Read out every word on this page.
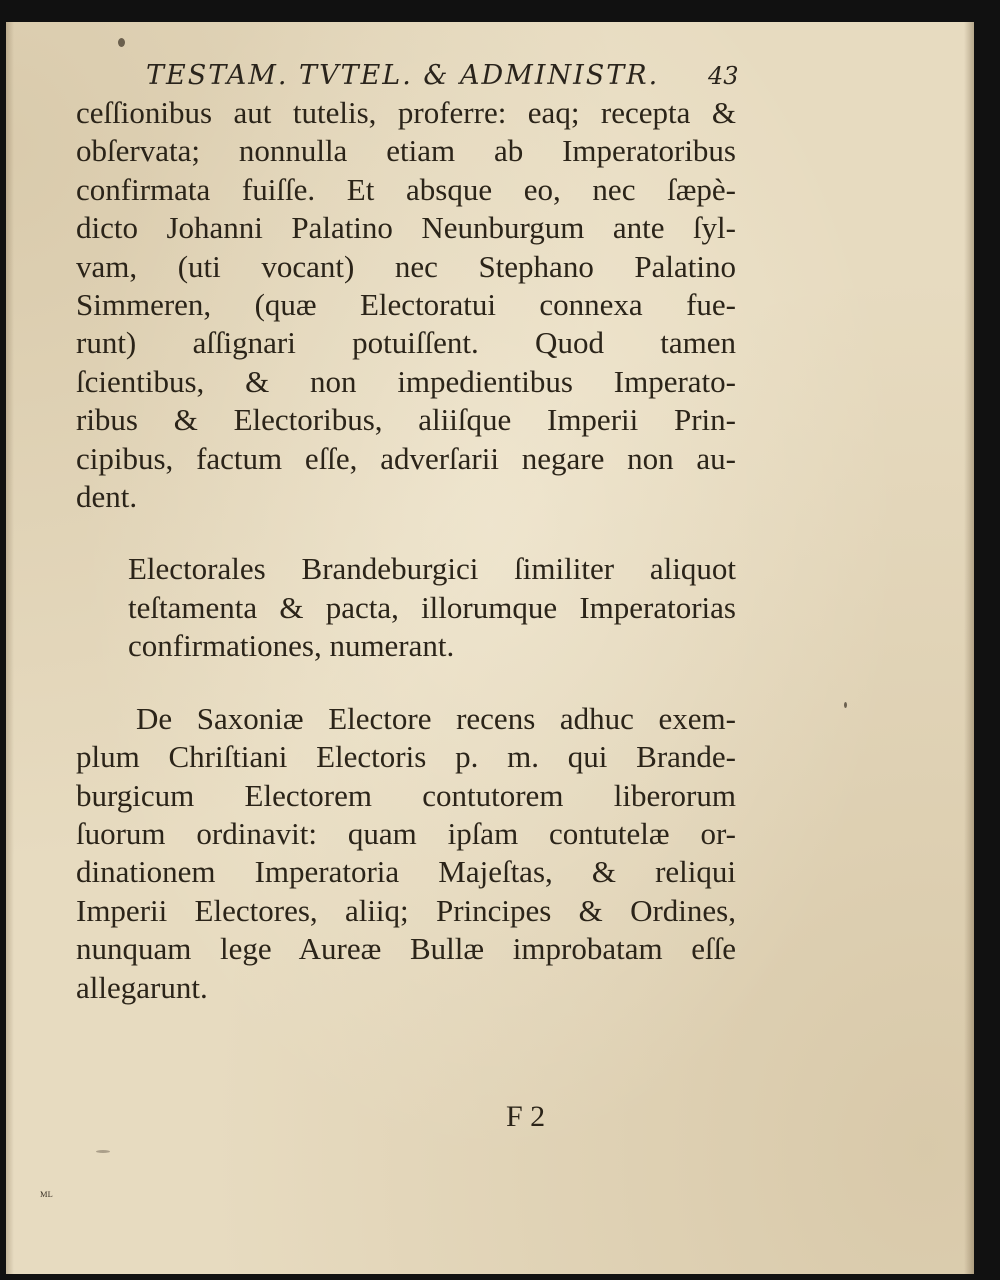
TESTAM. TVTEL. & ADMINISTR. 43
ceſſionibus aut tutelis, proferre: eaq; recepta &
obſervata; nonnulla etiam ab Imperatoribus
confirmata fuiſſe. Et absque eo, nec ſæpè-
dicto Johanni Palatino Neunburgum ante ſyl-
vam, (uti vocant) nec Stephano Palatino
Simmeren, (quæ Electoratui connexa fue-
runt) aſſignari potuiſſent. Quod tamen
ſcientibus, & non impedientibus Imperato-
ribus & Electoribus, aliiſque Imperii Prin-
cipibus, factum eſſe, adverſarii negare non au-
dent.
Electorales Brandeburgici ſimiliter aliquot
teſtamenta & pacta, illorumque Imperatorias
confirmationes, numerant.
De Saxoniæ Electore recens adhuc exem-
plum Chriſtiani Electoris p. m. qui Brande-
burgicum Electorem contutorem liberorum
ſuorum ordinavit: quam ipſam contutelæ or-
dinationem Imperatoria Majeſtas, & reliqui
Imperii Electores, aliiq; Principes & Ordines,
nunquam lege Aureæ Bullæ improbatam eſſe
allegarunt.
F 2
ᴹᴸ
